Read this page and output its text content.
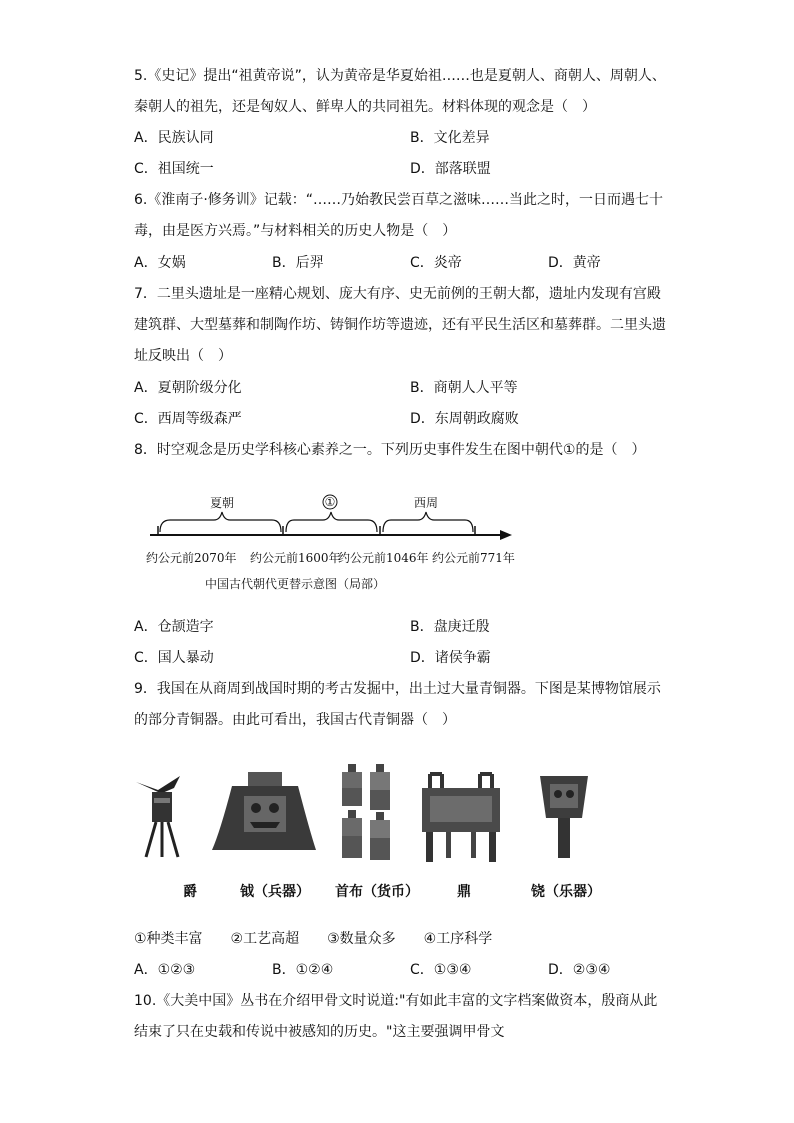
5.《史记》提出“祖黄帝说”，认为黄帝是华夏始祖……也是夏朝人、商朝人、周朝人、
秦朝人的祖先，还是匈奴人、鲜卑人的共同祖先。材料体现的观念是（　）
A．民族认同	B．文化差异
C．祖国统一	D．部落联盟
6.《淮南子·修务训》记载：“……乃始教民尝百草之滋味……当此之时，一日而遇七十
毒，由是医方兴焉。”与材料相关的历史人物是（　）
A．女娲	B．后羿	C．炎帝	D．黄帝
7．二里头遗址是一座精心规划、庞大有序、史无前例的王朝大都，遗址内发现有宫殿
建筑群、大型墓葬和制陶作坊、铸铜作坊等遗迹，还有平民生活区和墓葬群。二里头遗
址反映出（　）
A．夏朝阶级分化	B．商朝人人平等
C．西周等级森严	D．东周朝政腐败
8．时空观念是历史学科核心素养之一。下列历史事件发生在图中朝代①的是（　）
夏朝	①	西周
约公元前2070年 约公元前1600年
约公元前1046年 约公元前771年
中国古代朝代更替示意图（局部）
A．仓颉造字	B．盘庚迁殷
C．国人暴动	D．诸侯争霸
9．我国在从商周到战国时期的考古发掘中，出土过大量青铜器。下图是某博物馆展示
的部分青铜器。由此可看出，我国古代青铜器（　）
爵	钺（兵器） 首布（货币）	鼎	铙（乐器）
①种类丰富　　②工艺高超　　③数量众多　　④工序科学
A．①②③	B．①②④	C．①③④	D．②③④
10.《大美中国》丛书在介绍甲骨文时说道:"有如此丰富的文字档案做资本，殷商从此
结束了只在史载和传说中被感知的历史。"这主要强调甲骨文
